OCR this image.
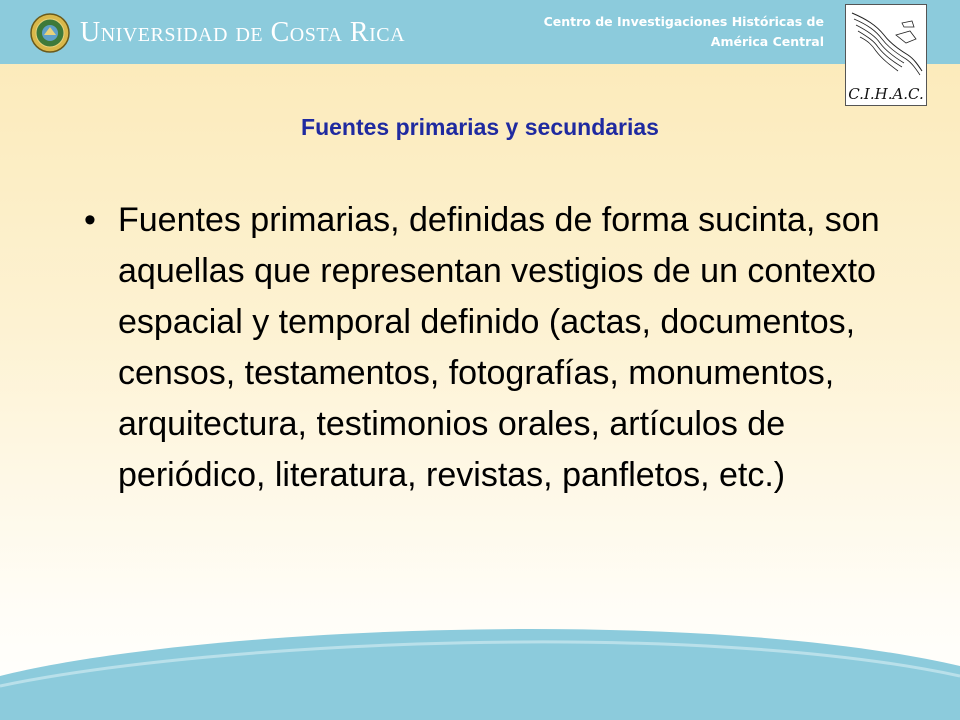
Universidad de Costa Rica	Centro de Investigaciones Históricas de
América Central
C.I.H.A.C.
Fuentes primarias y secundarias
• Fuentes primarias, definidas de forma sucinta, son aquellas que representan vestigios de un contexto espacial y temporal definido (actas, documentos, censos, testamentos, fotografías, monumentos, arquitectura, testimonios orales, artículos de periódico, literatura, revistas, panfletos, etc.)
